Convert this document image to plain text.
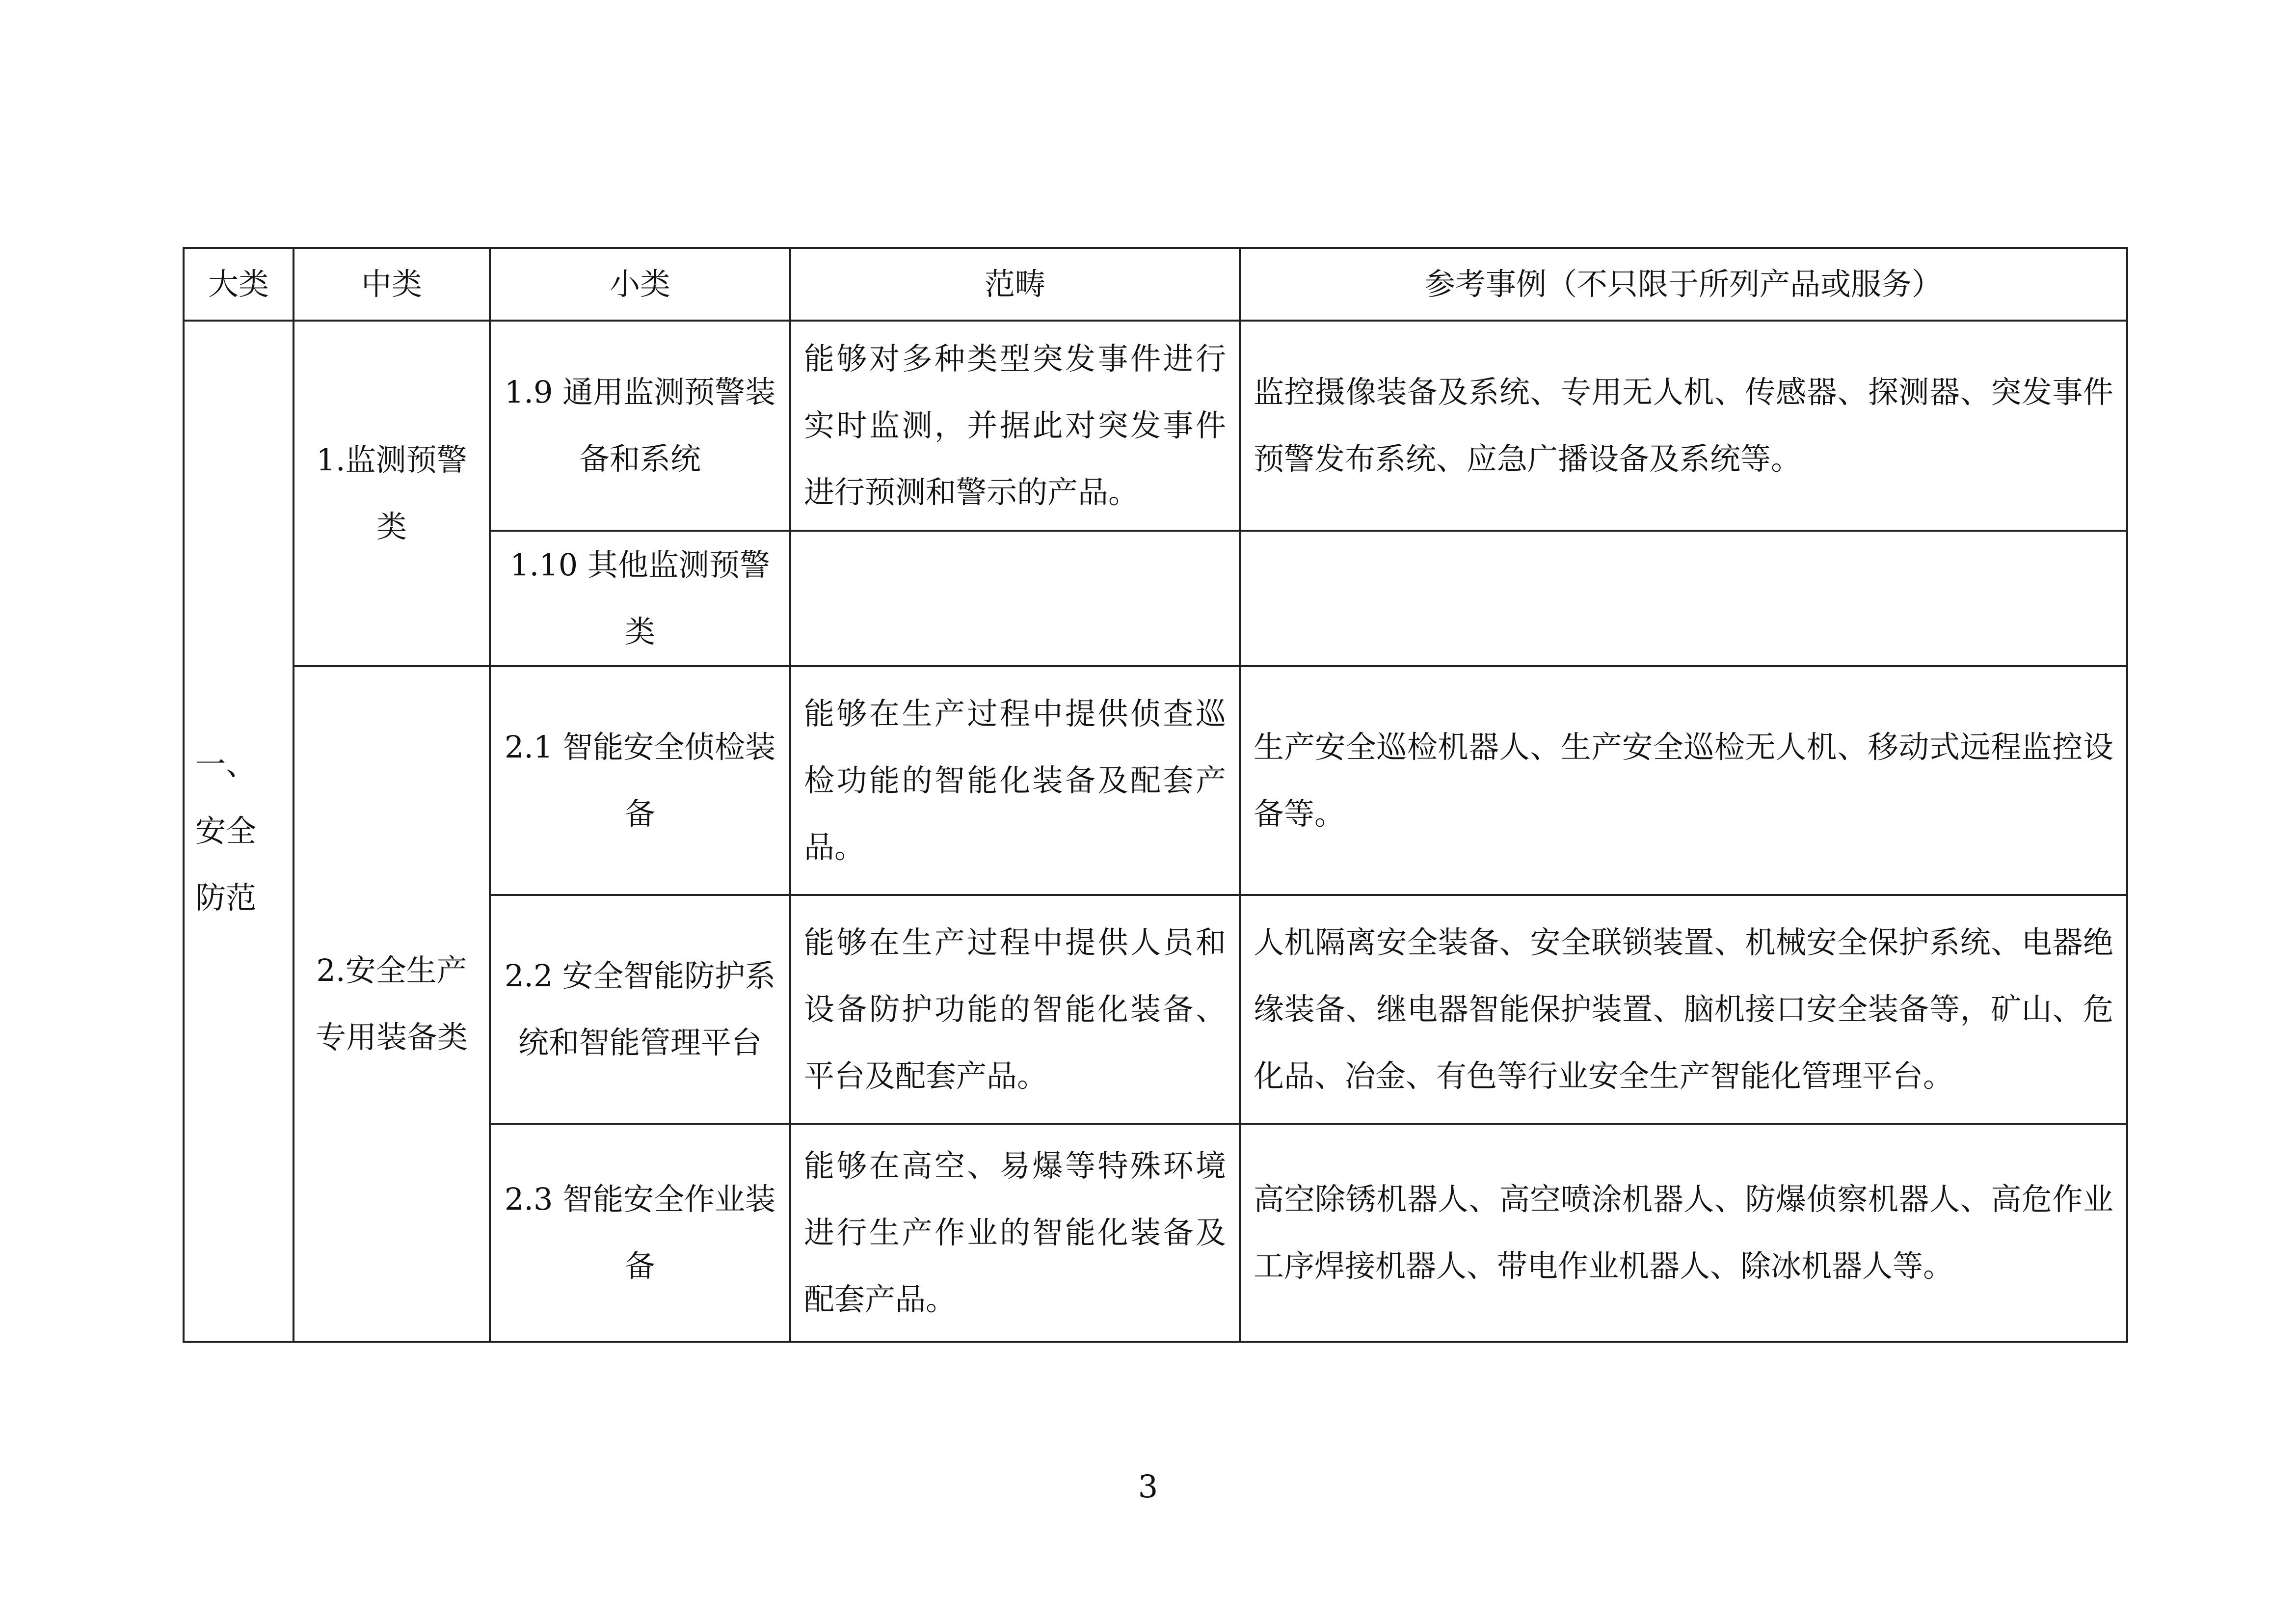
大类	中类	小类	范畴	参考事例（不只限于所列产品或服务）
一、安全防范	1.监测预警类	1.9 通用监测预警装备和系统	能够对多种类型突发事件进行实时监测，并据此对突发事件进行预测和警示的产品。	监控摄像装备及系统、专用无人机、传感器、探测器、突发事件预警发布系统、应急广播设备及系统等。
		1.10 其他监测预警类		
	2.安全生产专用装备类	2.1 智能安全侦检装备	能够在生产过程中提供侦查巡检功能的智能化装备及配套产品。	生产安全巡检机器人、生产安全巡检无人机、移动式远程监控设备等。
		2.2 安全智能防护系统和智能管理平台	能够在生产过程中提供人员和设备防护功能的智能化装备、平台及配套产品。	人机隔离安全装备、安全联锁装置、机械安全保护系统、电器绝缘装备、继电器智能保护装置、脑机接口安全装备等，矿山、危化品、冶金、有色等行业安全生产智能化管理平台。
		2.3 智能安全作业装备	能够在高空、易爆等特殊环境进行生产作业的智能化装备及配套产品。	高空除锈机器人、高空喷涂机器人、防爆侦察机器人、高危作业工序焊接机器人、带电作业机器人、除冰机器人等。
3
